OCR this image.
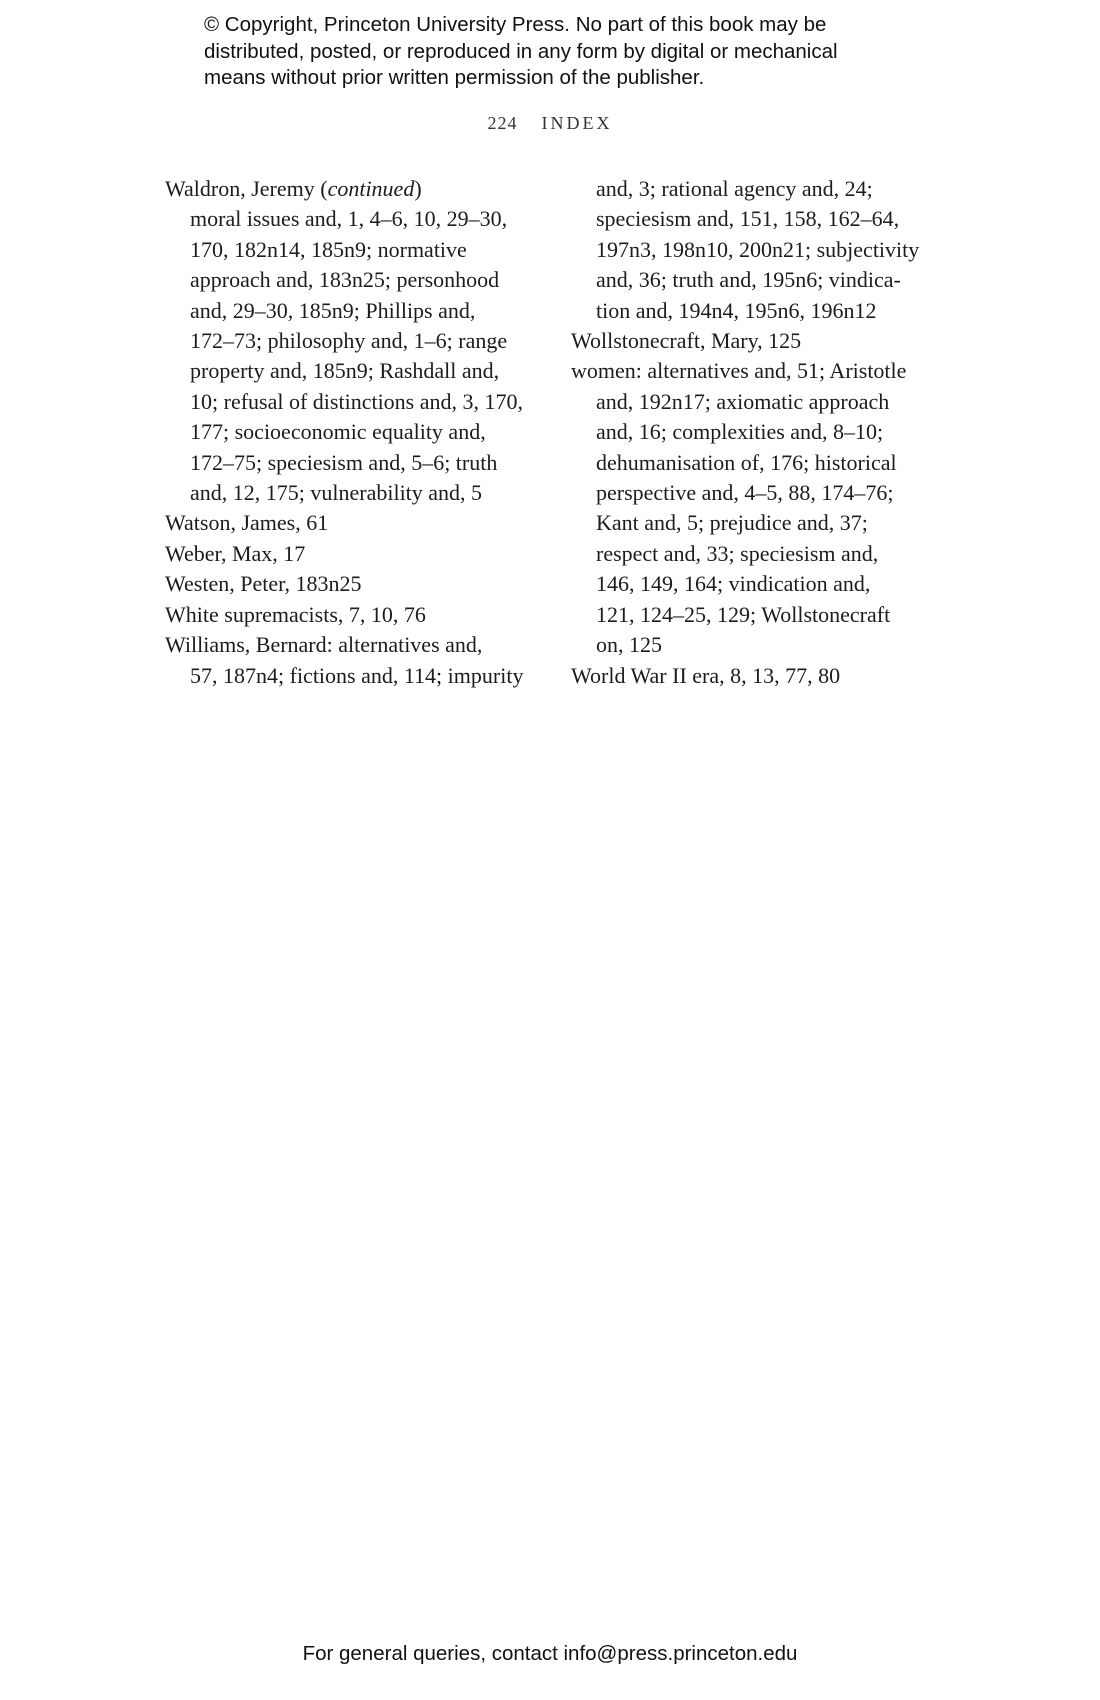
© Copyright, Princeton University Press. No part of this book may be
distributed, posted, or reproduced in any form by digital or mechanical
means without prior written permission of the publisher.
224 INDEX
Waldron, Jeremy (continued)
moral issues and, 1, 4–6, 10, 29–30,
170, 182n14, 185n9; normative
approach and, 183n25; personhood
and, 29–30, 185n9; Phillips and,
172–73; philosophy and, 1–6; range
property and, 185n9; Rashdall and,
10; refusal of distinctions and, 3, 170,
177; socioeconomic equality and,
172–75; speciesism and, 5–6; truth
and, 12, 175; vulnerability and, 5
Watson, James, 61
Weber, Max, 17
Westen, Peter, 183n25
White supremacists, 7, 10, 76
Williams, Bernard: alternatives and,
57, 187n4; fictions and, 114; impurity
and, 3; rational agency and, 24;
speciesism and, 151, 158, 162–64,
197n3, 198n10, 200n21; subjectivity
and, 36; truth and, 195n6; vindica-
tion and, 194n4, 195n6, 196n12
Wollstonecraft, Mary, 125
women: alternatives and, 51; Aristotle
and, 192n17; axiomatic approach
and, 16; complexities and, 8–10;
dehumanisation of, 176; historical
perspective and, 4–5, 88, 174–76;
Kant and, 5; prejudice and, 37;
respect and, 33; speciesism and,
146, 149, 164; vindication and,
121, 124–25, 129; Wollstonecraft
on, 125
World War II era, 8, 13, 77, 80
For general queries, contact info@press.princeton.edu
